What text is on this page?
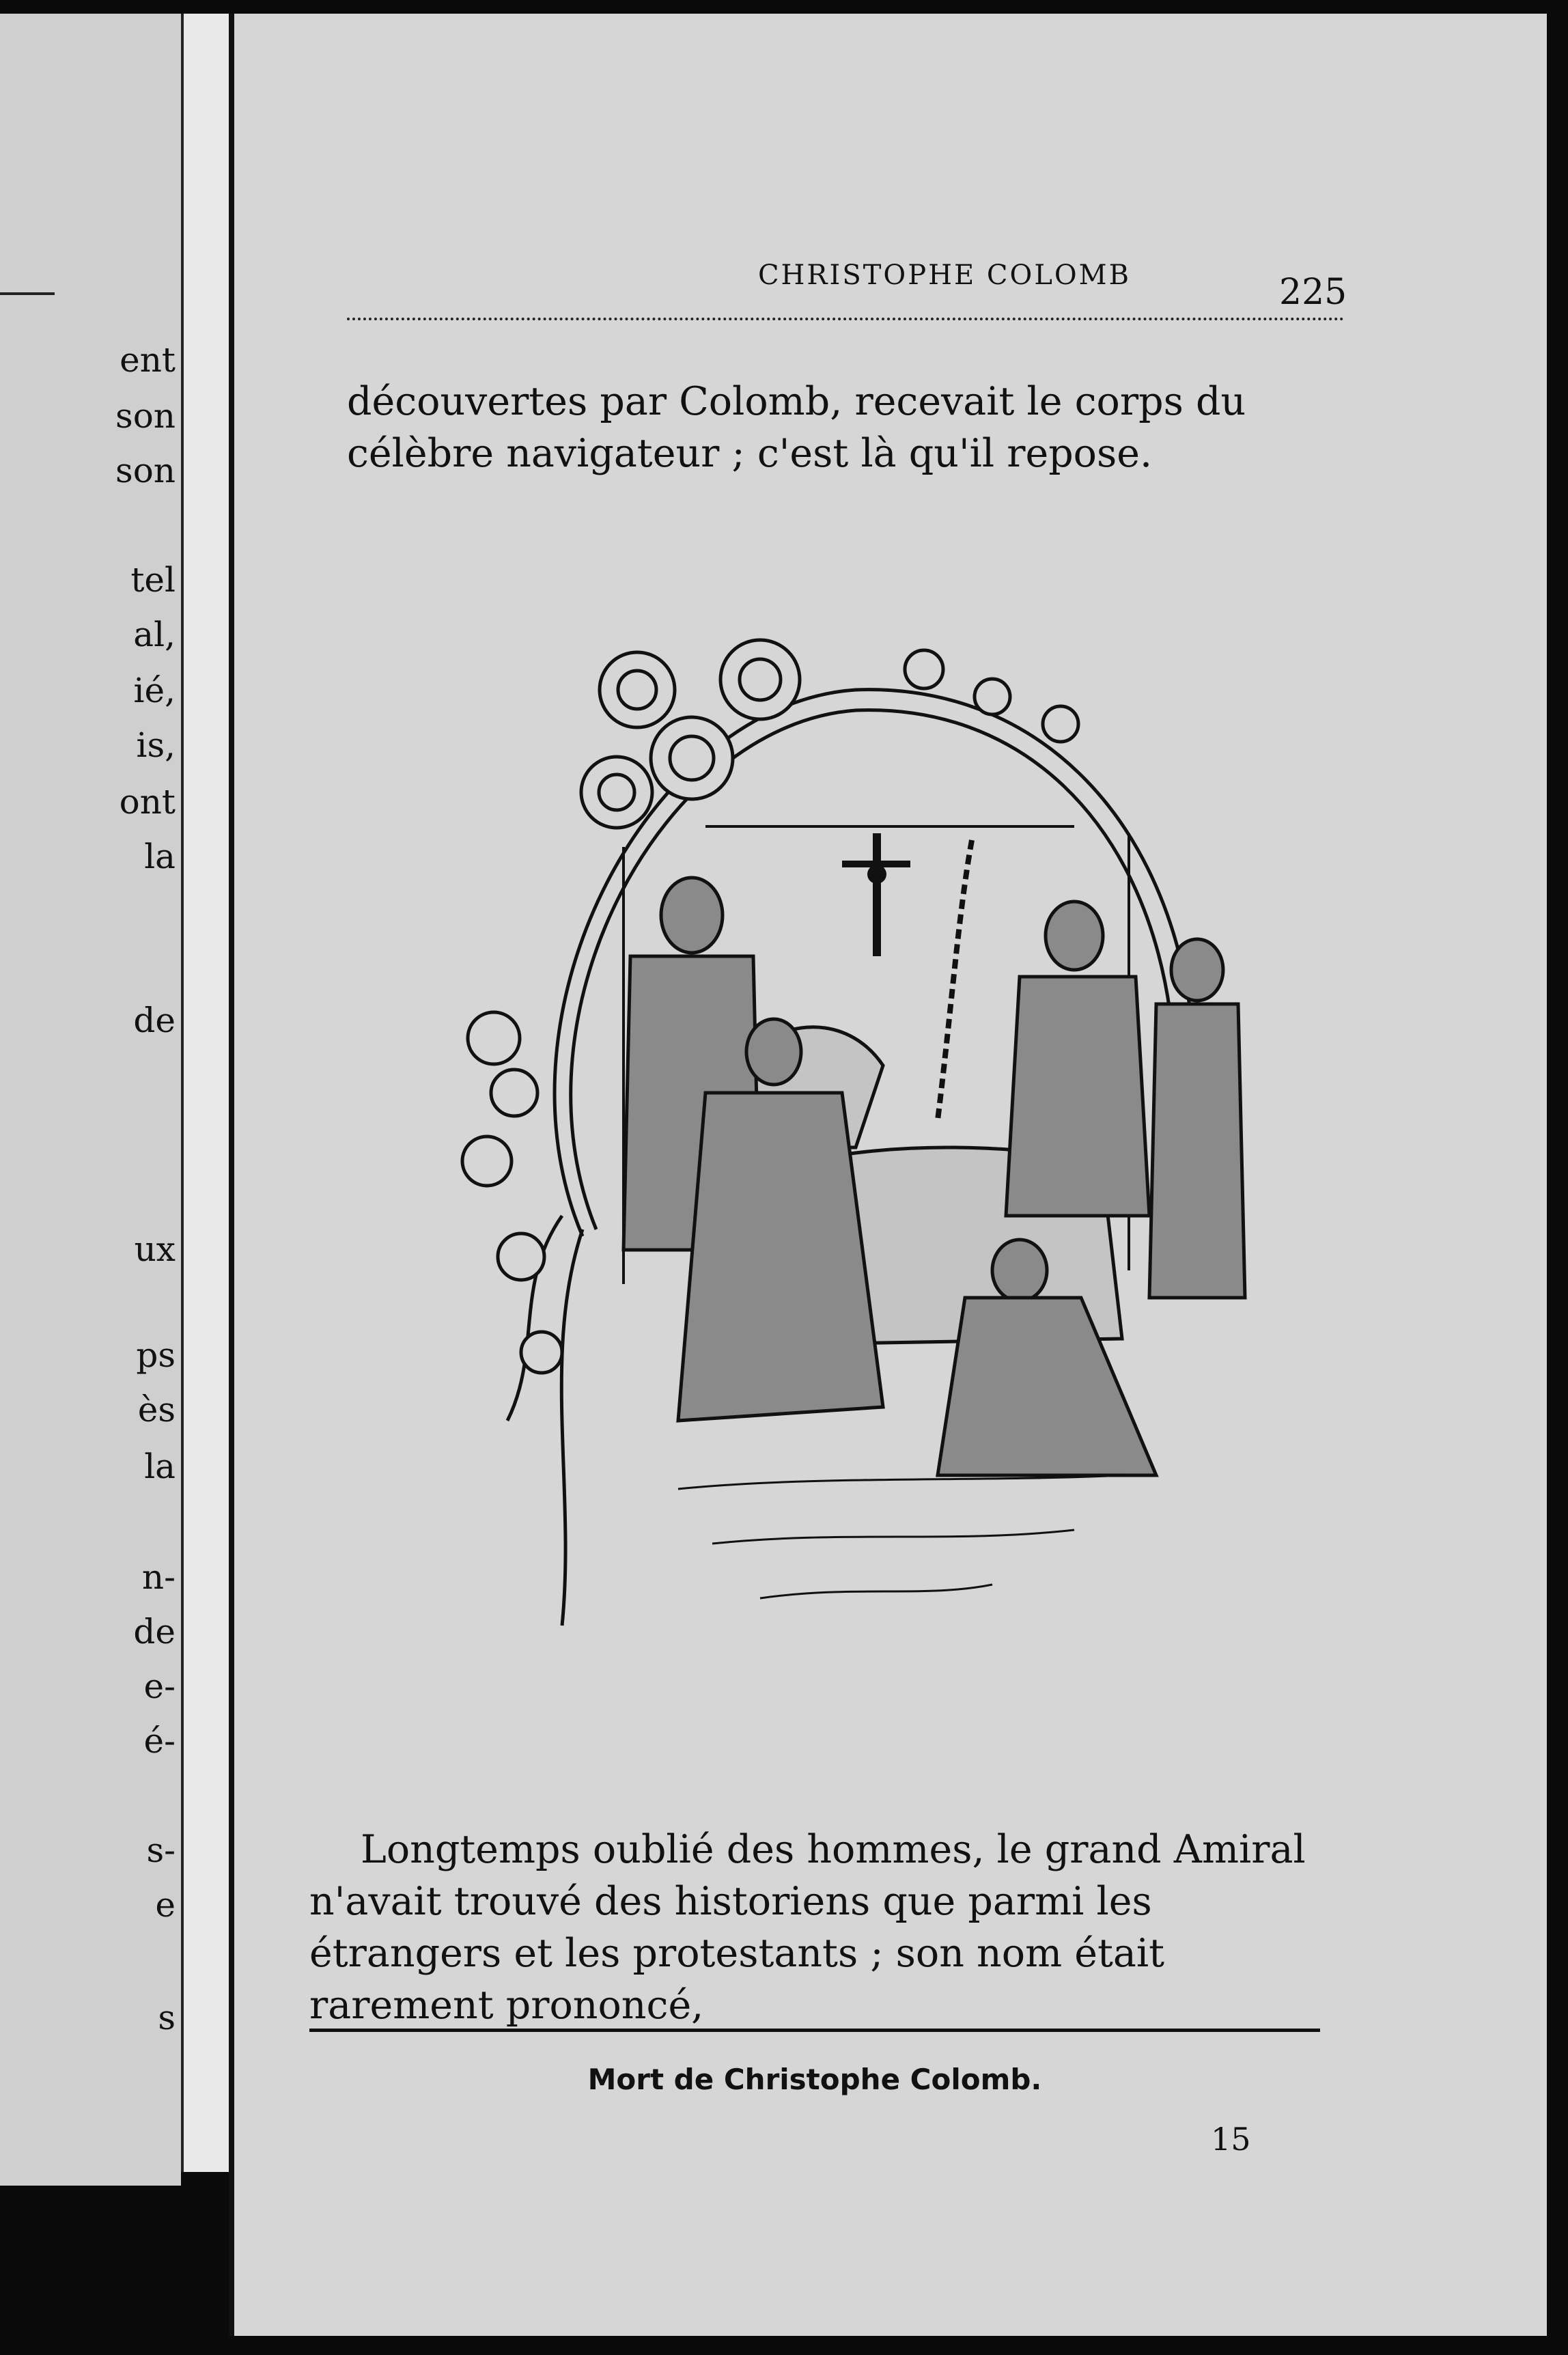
ent
son
son
tel
al,
ié,
is,
ont
la
de
ux
ps
ès
la
n-
de
e-
é-
s-
e
s
CHRISTOPHE COLOMB	225

découvertes par Colomb, recevait le corps du célèbre navigateur ; c'est là qu'il repose.

Longtemps oublié des hommes, le grand Amiral n'avait trouvé des historiens que parmi les étrangers et les protestants ; son nom était rarement prononcé,

Mort de Christophe Colomb.
15
